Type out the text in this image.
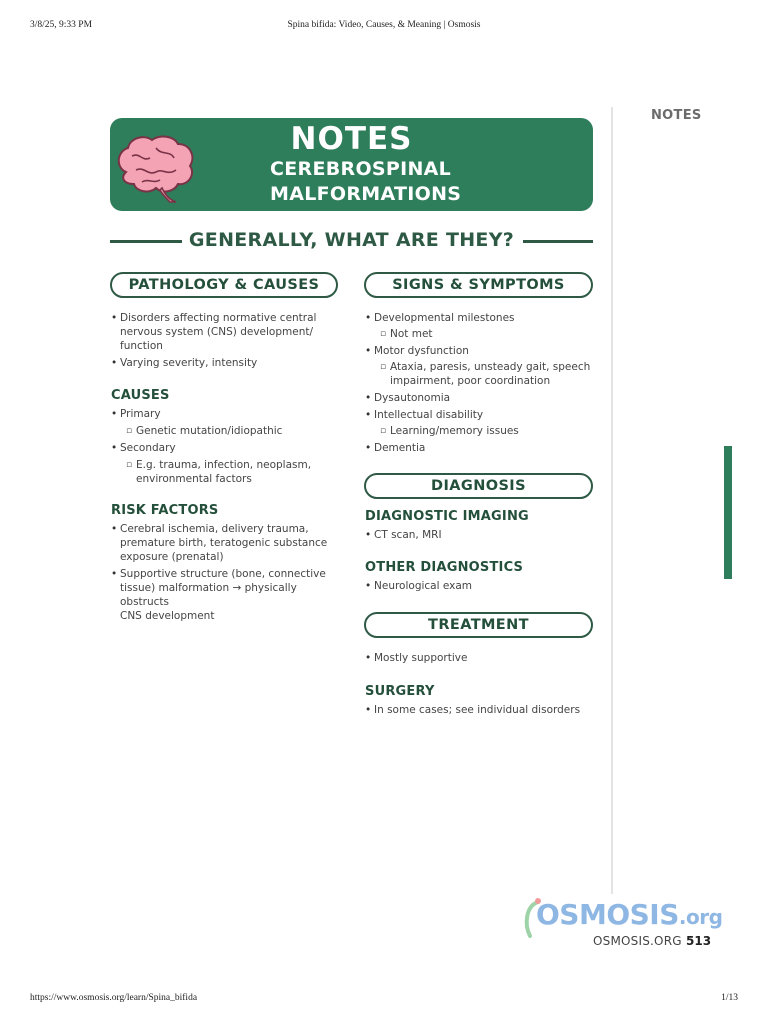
3/8/25, 9:33 PM	Spina bifida: Video, Causes, & Meaning | Osmosis
NOTES
NOTES
CEREBROSPINAL
MALFORMATIONS
GENERALLY, WHAT ARE THEY?
PATHOLOGY & CAUSES
• Disorders affecting normative central
nervous system (CNS) development/
function
• Varying severity, intensity
CAUSES
• Primary
▫ Genetic mutation/idiopathic
• Secondary
▫ E.g. trauma, infection, neoplasm,
environmental factors
RISK FACTORS
• Cerebral ischemia, delivery trauma,
premature birth, teratogenic substance
exposure (prenatal)
• Supportive structure (bone, connective
tissue) malformation → physically obstructs
CNS development
SIGNS & SYMPTOMS
• Developmental milestones
▫ Not met
• Motor dysfunction
▫ Ataxia, paresis, unsteady gait, speech
impairment, poor coordination
• Dysautonomia
• Intellectual disability
▫ Learning/memory issues
• Dementia
DIAGNOSIS
DIAGNOSTIC IMAGING
• CT scan, MRI
OTHER DIAGNOSTICS
• Neurological exam
TREATMENT
• Mostly supportive
SURGERY
• In some cases; see individual disorders
OSMOSIS.org
OSMOSIS.ORG 513
https://www.osmosis.org/learn/Spina_bifida	1/13
